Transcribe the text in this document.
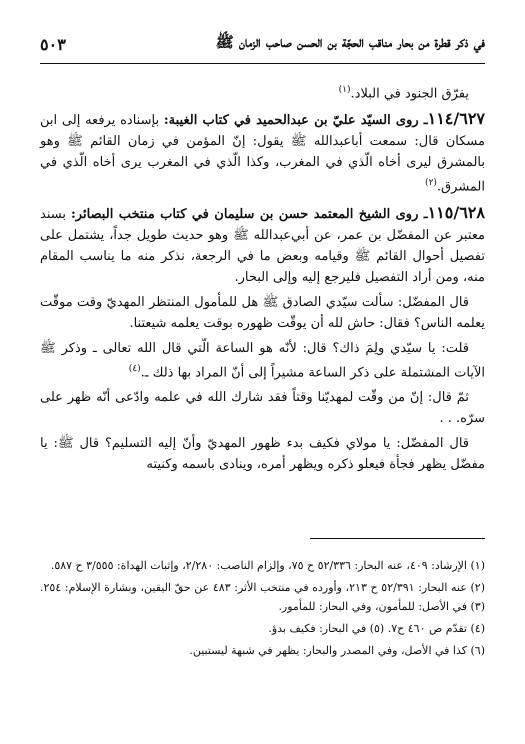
في ذكر قطرة من بحار مناقب الحجّة بن الحسن صاحب الزمان ﷺ
٥٠٣

يفرّق الجنود في البلاد.$^{(١)}$

١١٤/٦٢٧ـ روى السيّد عليّ بن عبدالحميد في كتاب الغيبة: بإسناده يرفعه إلى ابن مسكان قال: سمعت أباعبدالله ﷺ يقول: إنّ المؤمن في زمان القائم ﷺ وهو بالمشرق ليرى أخاه الّذي في المغرب، وكذا الّذي في المغرب يرى أخاه الّذي في المشرق.$^{(٢)}$

١١٥/٦٢٨ـ روى الشيخ المعتمد حسن بن سليمان في كتاب منتخب البصائر: بسند معتبر عن المفضّل بن عمر، عن أبي‌عبدالله ﷺ وهو حديث طويل جداً، يشتمل على تفصيل أحوال القائم ﷺ وقيامه وبعض ما في الرجعة، نذكر منه ما يناسب المقام منه، ومن أراد التفصيل فليرجع إليه وإلى البحار.

قال المفضّل: سألت سيّدي الصادق ﷺ هل للمأمول المنتظر المهديّ وقت موقّت يعلمه الناس؟ فقال: حاش لله أن يوقّت ظهوره بوقت يعلمه شيعتنا.

قلت: يا سيّدي ولِمَ ذاك؟ قال: لأنّه هو الساعة الّتي قال الله تعالى ـ وذكر ﷺ الآيات المشتملة على ذكر الساعة مشيراً إلى أنّ المراد بها ذلك ـ.$^{(٤)}$

ثمّ قال: إنّ من وقّت لمهديّنا وقتاً فقد شارك الله في علمه وادّعى أنّه ظهر على سرّه. . .

قال المفضّل: يا مولاي فكيف بدء ظهور المهديّ وأنّ إليه التسليم؟ قال ﷺ: يا مفضّل يظهر فجأة فيعلو ذكره ويظهر أمره، وينادى باسمه وكنيته

(١) الإرشاد: ٤٠٩، عنه البحار: ٥٢/٣٣٦ ح ٧٥، وإلزام الناصب: ٢/٢٨٠، وإثبات الهداة: ٣/٥٥٥ ح ٥٨٧.

(٢) عنه البحار: ٥٢/٣٩١ ح ٢١٣، وأورده في منتخب الأثر: ٤٨٣ عن حقّ اليقين، وبشارة الإسلام: ٢٥٤. (٣) في الأصل: للمأمون، وفي البحار: للمأمور.

(٤) تقدّم ص ٤٦٠ ح٧. (٥) في البحار: فكيف بدؤ.

(٦) كذا في الأصل، وفي المصدر والبحار: يظهر في شبهة ليستبين.
